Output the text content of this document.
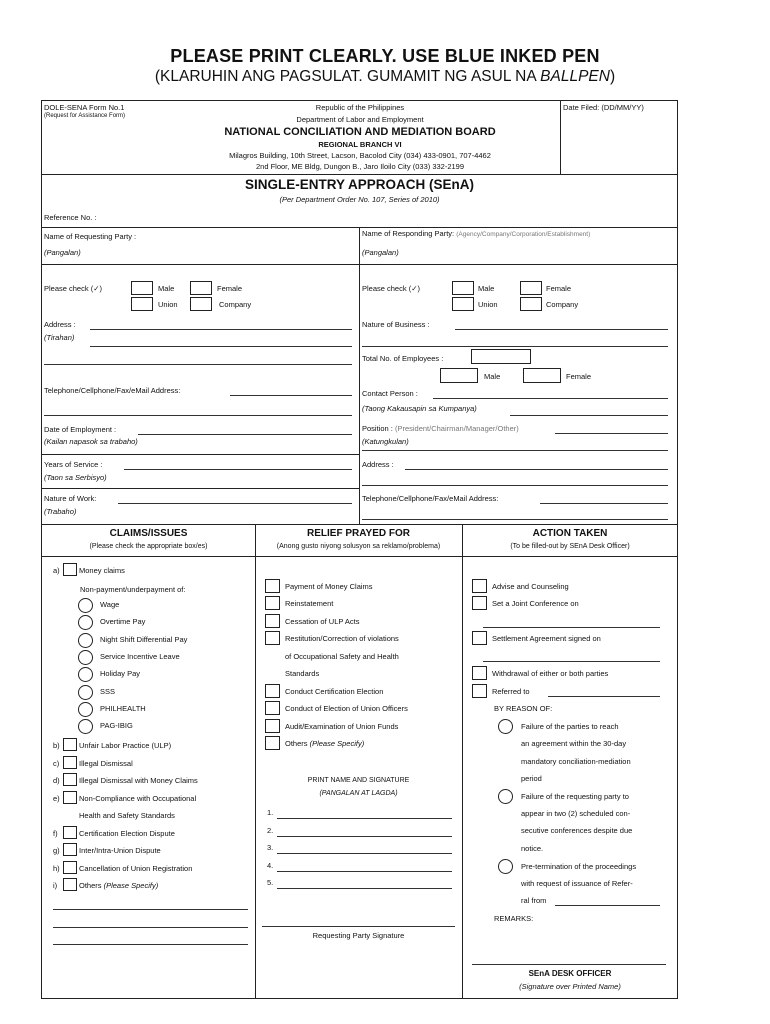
PLEASE PRINT CLEARLY. USE BLUE INKED PEN
(KLARUHIN ANG PAGSULAT. GUMAMIT NG ASUL NA BALLPEN)
DOLE-SENA Form No.1
(Request for Assistance Form)
Date Filed: (DD/MM/YY)
Republic of the Philippines
Department of Labor and Employment
NATIONAL CONCILIATION AND MEDIATION BOARD
REGIONAL BRANCH VI
Milagros Building, 10th Street, Lacson, Bacolod City (034) 433-0901, 707-4462
2nd Floor, ME Bldg, Dungon B., Jaro Iloilo City (033) 332-2199
SINGLE-ENTRY APPROACH (SEnA)
(Per Department Order No. 107, Series of 2010)
Reference No. :
Name of Requesting Party :
(Pangalan)
Please check (✓)	Male	Female
Union	Company
Address :
(Tirahan)
Telephone/Cellphone/Fax/eMail Address:
Date of Employment :
(Kailan napasok sa trabaho)
Years of Service :
(Taon sa Serbisyo)
Nature of Work:
(Trabaho)
Name of Responding Party: (Agency/Company/Corporation/Establishment)
(Pangalan)
Please check (✓)	Male	Female
Union	Company
Nature of Business :
Total No. of Employees :
Male	Female
Contact Person :
(Taong Kakausapin sa Kumpanya)
Position : (President/Chairman/Manager/Other)
(Katungkulan)
Address :
Telephone/Cellphone/Fax/eMail Address:
CLAIMS/ISSUES
(Please check the appropriate box/es)
RELIEF PRAYED FOR
(Anong gusto niyong solusyon sa reklamo/problema)
ACTION TAKEN
(To be filled-out by SEnA Desk Officer)
a)	Money claims
Non-payment/underpayment of:
Wage
Overtime Pay
Night Shift Differential Pay
Service Incentive Leave
Holiday Pay
SSS
PHILHEALTH
PAG-IBIG
b)	Unfair Labor Practice (ULP)
c)	Illegal Dismissal
d)	Illegal Dismissal with Money Claims
e)	Non-Compliance with Occupational
Health and Safety Standards
f)	Certification Election Dispute
g)	Inter/Intra-Union Dispute
h)	Cancellation of Union Registration
i)	Others (Please Specify)
Payment of Money Claims
Reinstatement
Cessation of ULP Acts
Restitution/Correction of violations
of Occupational Safety and Health
Standards
Conduct Certification Election
Conduct of Election of Union Officers
Audit/Examination of Union Funds
Others (Please Specify)
PRINT NAME AND SIGNATURE
(PANGALAN AT LAGDA)
1.
2.
3.
4.
5.
Requesting Party Signature
Advise and Counseling
Set a Joint Conference on
Settlement Agreement signed on
Withdrawal of either or both parties
Referred to
BY REASON OF:
Failure of the parties to reach
an agreement within the 30-day
mandatory conciliation-mediation
period
Failure of the requesting party to
appear in two (2) scheduled con-
secutive conferences despite due
notice.
Pre-termination of the proceedings
with request of issuance of Refer-
ral from
REMARKS:
SEnA DESK OFFICER
(Signature over Printed Name)
